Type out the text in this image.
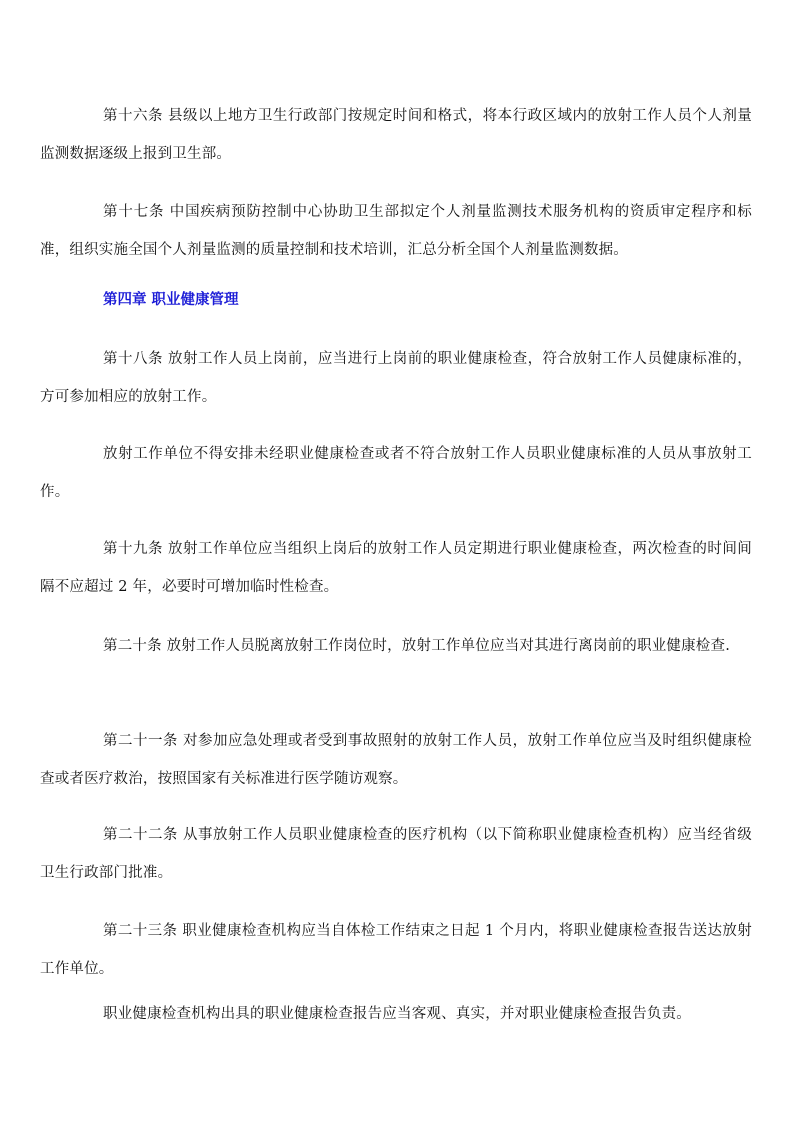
第十六条 县级以上地方卫生行政部门按规定时间和格式，将本行政区域内的放射工作人员个人剂量监测数据逐级上报到卫生部。

第十七条 中国疾病预防控制中心协助卫生部拟定个人剂量监测技术服务机构的资质审定程序和标准，组织实施全国个人剂量监测的质量控制和技术培训，汇总分析全国个人剂量监测数据。

第四章 职业健康管理

第十八条 放射工作人员上岗前，应当进行上岗前的职业健康检查，符合放射工作人员健康标准的，方可参加相应的放射工作。

放射工作单位不得安排未经职业健康检查或者不符合放射工作人员职业健康标准的人员从事放射工作。

第十九条 放射工作单位应当组织上岗后的放射工作人员定期进行职业健康检查，两次检查的时间间隔不应超过 2 年，必要时可增加临时性检查。

第二十条 放射工作人员脱离放射工作岗位时，放射工作单位应当对其进行离岗前的职业健康检查.

第二十一条 对参加应急处理或者受到事故照射的放射工作人员，放射工作单位应当及时组织健康检查或者医疗救治，按照国家有关标准进行医学随访观察。

第二十二条 从事放射工作人员职业健康检查的医疗机构（以下简称职业健康检查机构）应当经省级卫生行政部门批准。

第二十三条 职业健康检查机构应当自体检工作结束之日起 1 个月内，将职业健康检查报告送达放射工作单位。

职业健康检查机构出具的职业健康检查报告应当客观、真实，并对职业健康检查报告负责。
